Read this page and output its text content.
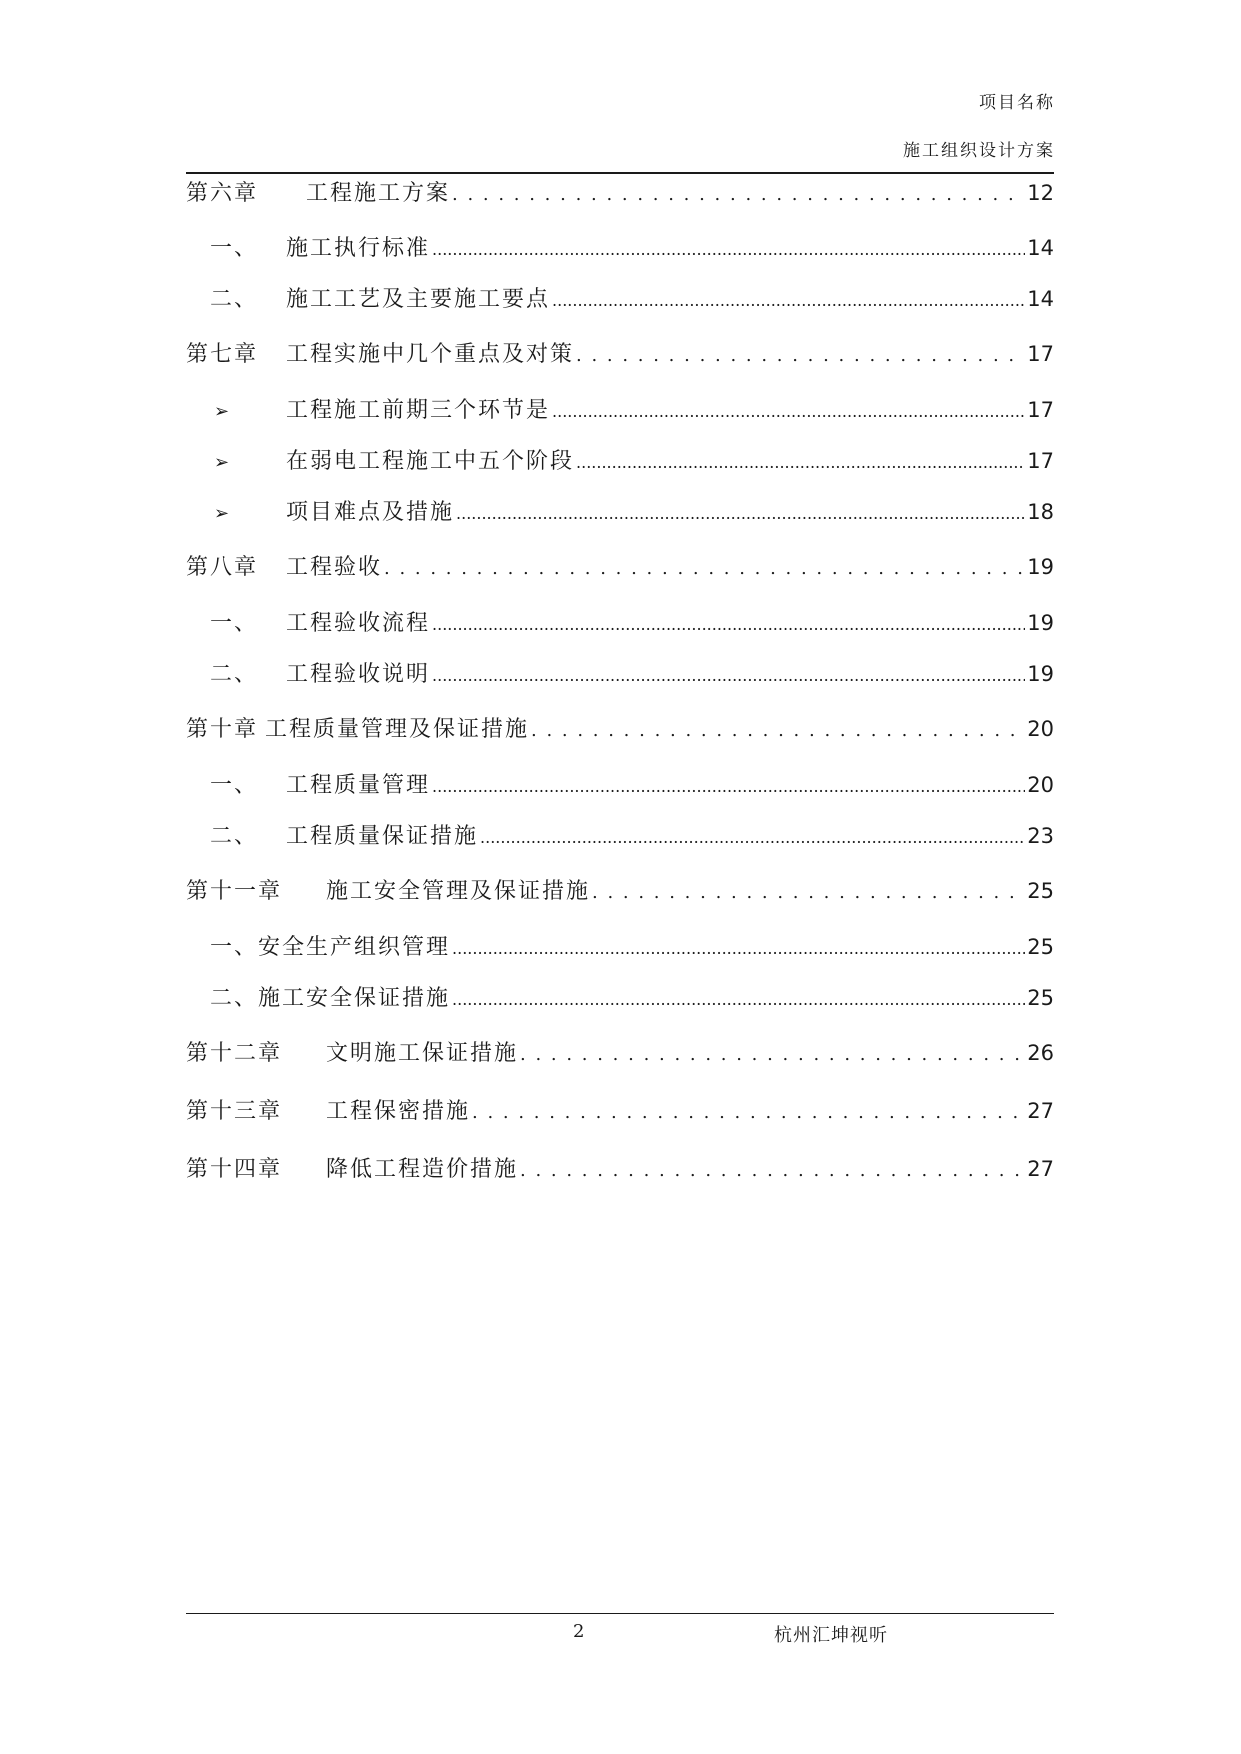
项目名称
施工组织设计方案
第六章	工程施工方案 . . .	12
一、	施工执行标准 .....	14
二、	施工工艺及主要施工要点 .....	14
第七章	工程实施中几个重点及对策 . . .	17
➢	工程施工前期三个环节是 .....	17
➢	在弱电工程施工中五个阶段 .....	17
➢	项目难点及措施 .....	18
第八章	工程验收 . . .	19
一、	工程验收流程 .....	19
二、	工程验收说明 .....	19
第十章 工程质量管理及保证措施 . . .	20
一、	工程质量管理 .....	20
二、	工程质量保证措施 .....	23
第十一章	施工安全管理及保证措施 . . .	25
一、 安全生产组织管理 .....	25
二、 施工安全保证措施 .....	25
第十二章	文明施工保证措施 . . .	26
第十三章	工程保密措施 . . .	27
第十四章	降低工程造价措施 . . .	27
2	杭州汇坤视听
